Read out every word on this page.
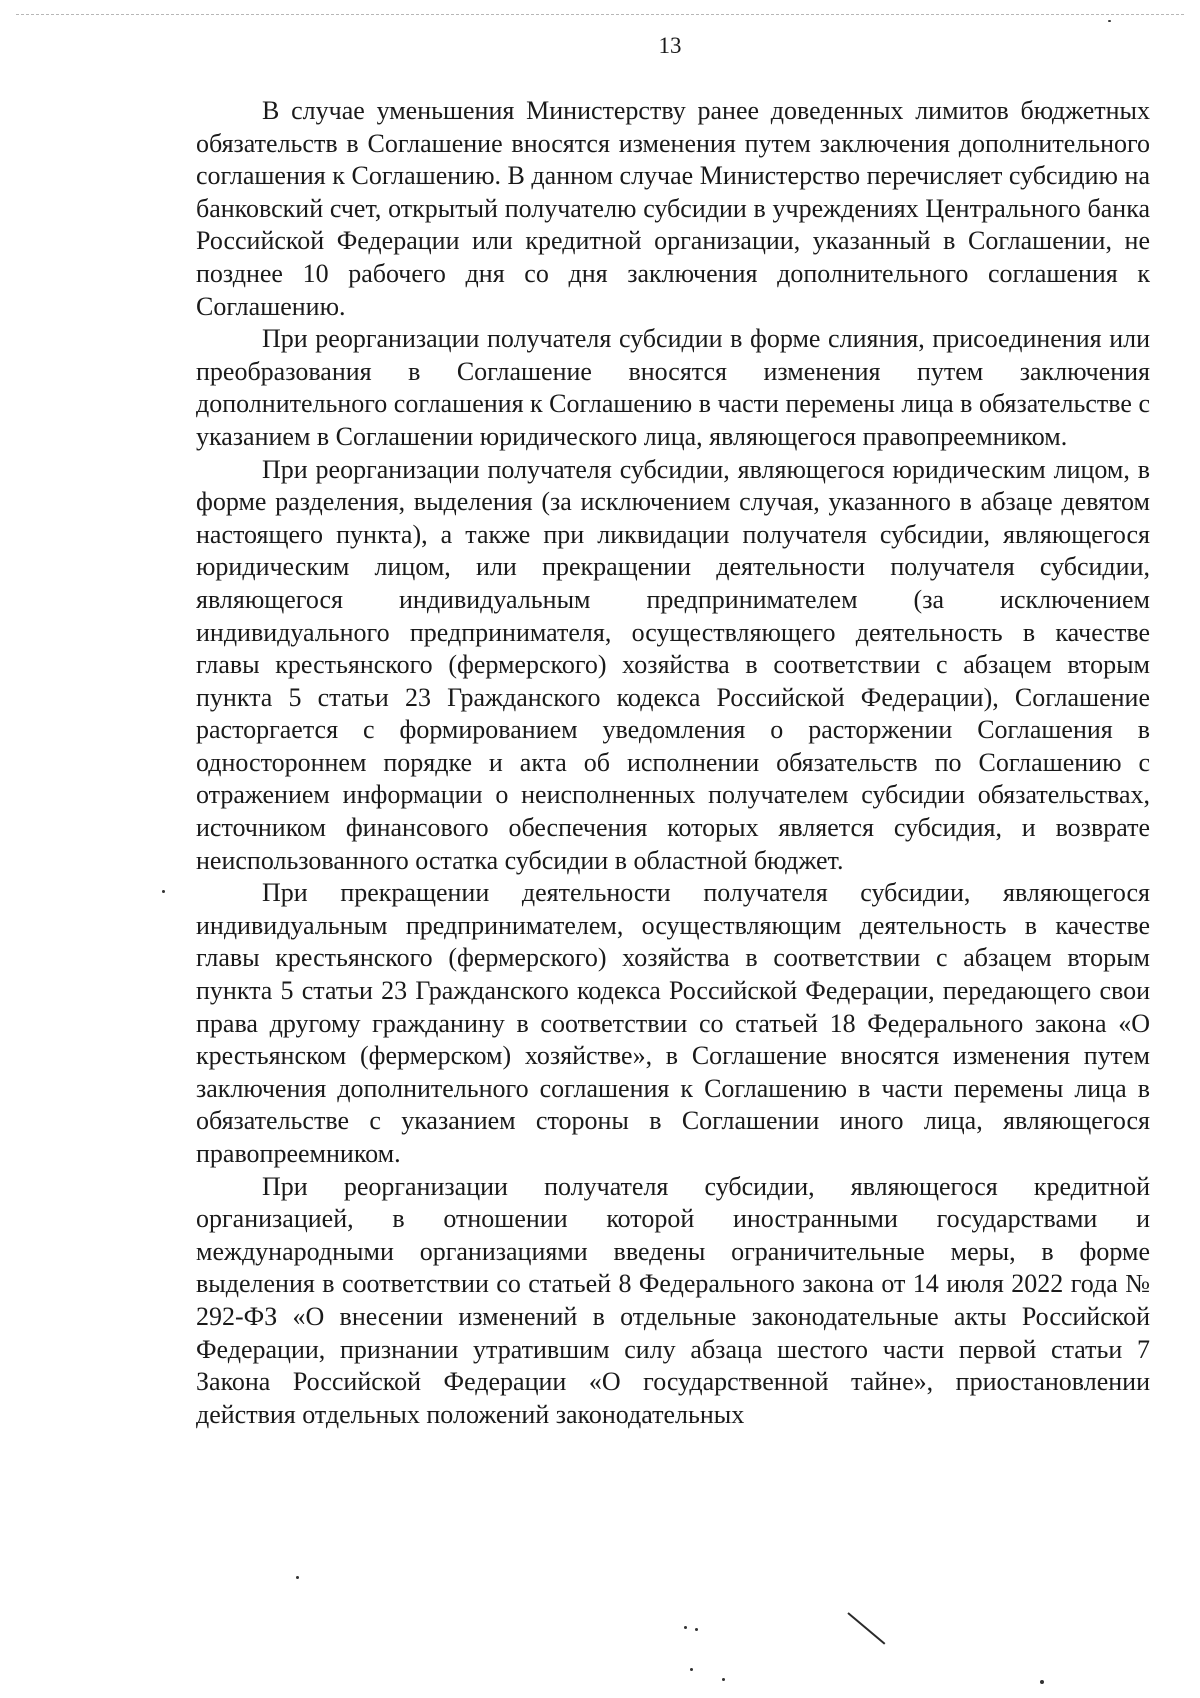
13

В случае уменьшения Министерству ранее доведенных лимитов бюджетных обязательств в Соглашение вносятся изменения путем заключения дополнительного соглашения к Соглашению. В данном случае Министерство перечисляет субсидию на банковский счет, открытый получателю субсидии в учреждениях Центрального банка Российской Федерации или кредитной организации, указанный в Соглашении, не позднее 10 рабочего дня со дня заключения дополнительного соглашения к Соглашению.

При реорганизации получателя субсидии в форме слияния, присоединения или преобразования в Соглашение вносятся изменения путем заключения дополнительного соглашения к Соглашению в части перемены лица в обязательстве с указанием в Соглашении юридического лица, являющегося правопреемником.

При реорганизации получателя субсидии, являющегося юридическим лицом, в форме разделения, выделения (за исключением случая, указанного в абзаце девятом настоящего пункта), а также при ликвидации получателя субсидии, являющегося юридическим лицом, или прекращении деятельности получателя субсидии, являющегося индивидуальным предпринимателем (за исключением индивидуального предпринимателя, осуществляющего деятельность в качестве главы крестьянского (фермерского) хозяйства в соответствии с абзацем вторым пункта 5 статьи 23 Гражданского кодекса Российской Федерации), Соглашение расторгается с формированием уведомления о расторжении Соглашения в одностороннем порядке и акта об исполнении обязательств по Соглашению с отражением информации о неисполненных получателем субсидии обязательствах, источником финансового обеспечения которых является субсидия, и возврате неиспользованного остатка субсидии в областной бюджет.

При прекращении деятельности получателя субсидии, являющегося индивидуальным предпринимателем, осуществляющим деятельность в качестве главы крестьянского (фермерского) хозяйства в соответствии с абзацем вторым пункта 5 статьи 23 Гражданского кодекса Российской Федерации, передающего свои права другому гражданину в соответствии со статьей 18 Федерального закона «О крестьянском (фермерском) хозяйстве», в Соглашение вносятся изменения путем заключения дополнительного соглашения к Соглашению в части перемены лица в обязательстве с указанием стороны в Соглашении иного лица, являющегося правопреемником.

При реорганизации получателя субсидии, являющегося кредитной организацией, в отношении которой иностранными государствами и международными организациями введены ограничительные меры, в форме выделения в соответствии со статьей 8 Федерального закона от 14 июля 2022 года № 292-ФЗ «О внесении изменений в отдельные законодательные акты Российской Федерации, признании утратившим силу абзаца шестого части первой статьи 7 Закона Российской Федерации «О государственной тайне», приостановлении действия отдельных положений законодательных
